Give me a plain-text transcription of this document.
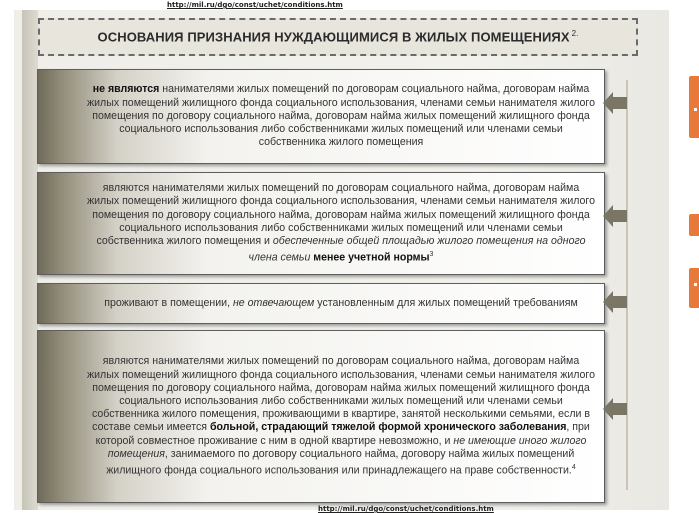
http://mil.ru/dgo/const/uchet/conditions.htm
ОСНОВАНИЯ ПРИЗНАНИЯ НУЖДАЮЩИМИСЯ В ЖИЛЫХ ПОМЕЩЕНИЯХ $^{2.}$
не являются нанимателями жилых помещений по договорам социального найма, договорам найма жилых помещений жилищного фонда социального использования, членами семьи нанимателя жилого помещения по договору социального найма, договорам найма жилых помещений жилищного фонда социального использования либо собственниками жилых помещений или членами семьи собственника жилого помещения
являются нанимателями жилых помещений по договорам социального найма, договорам найма жилых помещений жилищного фонда социального использования, членами семьи нанимателя жилого помещения по договору социального найма, договорам найма жилых помещений жилищного фонда социального использования либо собственниками жилых помещений или членами семьи собственника жилого помещения и обеспеченные общей площадью жилого помещения на одного члена семьи менее учетной нормы$^3$
проживают в помещении, не отвечающем установленным для жилых помещений требованиям
являются нанимателями жилых помещений по договорам социального найма, договорам найма жилых помещений жилищного фонда социального использования, членами семьи нанимателя жилого помещения по договору социального найма, договорам найма жилых помещений жилищного фонда социального использования либо собственниками жилых помещений или членами семьи собственника жилого помещения, проживающими в квартире, занятой несколькими семьями, если в составе семьи имеется больной, страдающий тяжелой формой хронического заболевания, при которой совместное проживание с ним в одной квартире невозможно, и не имеющие иного жилого помещения, занимаемого по договору социального найма, договору найма жилых помещений жилищного фонда социального использования или принадлежащего на праве собственности.$^4$
http://mil.ru/dgo/const/uchet/conditions.htm
